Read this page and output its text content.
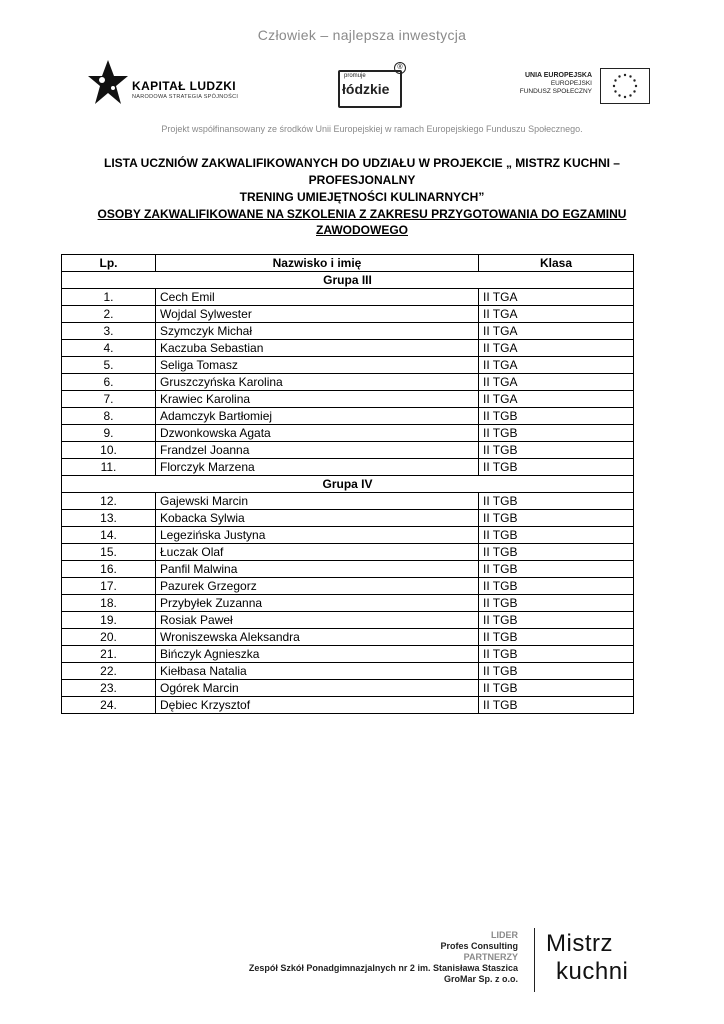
Człowiek – najlepsza inwestycja
KAPITAŁ LUDZKI
NARODOWA STRATEGIA SPÓJNOŚCI
promuje
łódzkie
®
UNIA EUROPEJSKA
EUROPEJSKI
FUNDUSZ SPOŁECZNY
Projekt współfinansowany ze środków Unii Europejskiej w ramach Europejskiego Funduszu Społecznego.
LISTA UCZNIÓW ZAKWALIFIKOWANYCH DO UDZIAŁU W PROJEKCIE „ MISTRZ KUCHNI – PROFESJONALNY
TRENING UMIEJĘTNOŚCI KULINARNYCH”
OSOBY ZAKWALIFIKOWANE NA SZKOLENIA Z ZAKRESU PRZYGOTOWANIA DO EGZAMINU
ZAWODOWEGO
Lp.	Nazwisko i imię	Klasa
Grupa III		
1.	Cech Emil	II TGA
2.	Wojdal Sylwester	II TGA
3.	Szymczyk Michał	II TGA
4.	Kaczuba Sebastian	II TGA
5.	Seliga Tomasz	II TGA
6.	Gruszczyńska Karolina	II TGA
7.	Krawiec Karolina	II TGA
8.	Adamczyk Bartłomiej	II TGB
9.	Dzwonkowska Agata	II TGB
10.	Frandzel Joanna	II TGB
11.	Florczyk Marzena	II TGB
Grupa IV		
12.	Gajewski Marcin	II TGB
13.	Kobacka Sylwia	II TGB
14.	Legezińska Justyna	II TGB
15.	Łuczak Olaf	II TGB
16.	Panfil Malwina	II TGB
17.	Pazurek Grzegorz	II TGB
18.	Przybyłek Zuzanna	II TGB
19.	Rosiak Paweł	II TGB
20.	Wroniszewska Aleksandra	II TGB
21.	Bińczyk Agnieszka	II TGB
22.	Kiełbasa Natalia	II TGB
23.	Ogórek Marcin	II TGB
24.	Dębiec Krzysztof	II TGB
LIDER
Profes Consulting
PARTNERZY
Zespół Szkół Ponadgimnazjalnych nr 2 im. Stanisława Staszica
GroMar Sp. z o.o.
Mistrz
kuchni
